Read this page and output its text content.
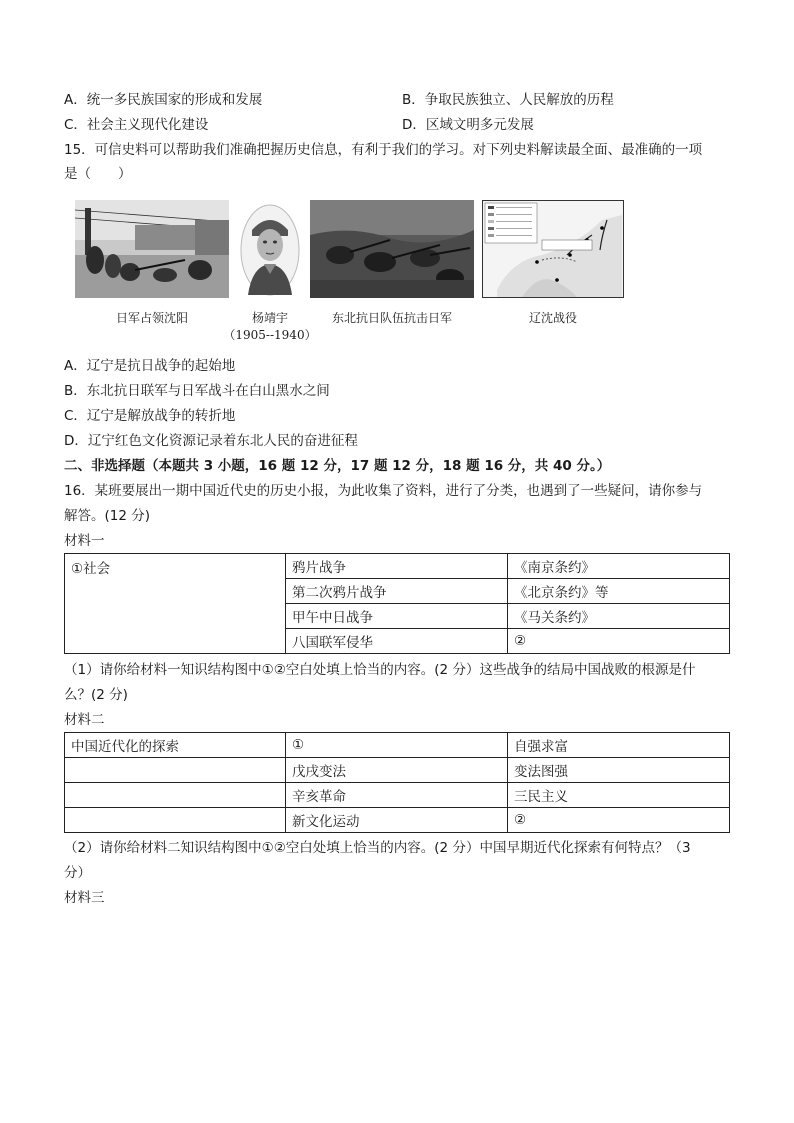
A．统一多民族国家的形成和发展	B．争取民族独立、人民解放的历程
C．社会主义现代化建设	D．区域文明多元发展
15．可信史料可以帮助我们准确把握历史信息，有利于我们的学习。对下列史料解读最全面、最准确的一项
是（　　）
日军占领沈阳	杨靖宇
（1905--1940）
东北抗日队伍抗击日军	辽沈战役
A．辽宁是抗日战争的起始地
B．东北抗日联军与日军战斗在白山黑水之间
C．辽宁是解放战争的转折地
D．辽宁红色文化资源记录着东北人民的奋进征程
二、非选择题（本题共 3 小题，16 题 12 分，17 题 12 分，18 题 16 分，共 40 分。）
16．某班要展出一期中国近代史的历史小报，为此收集了资料，进行了分类，也遇到了一些疑问，请你参与
解答。(12 分)
材料一
①社会	鸦片战争	《南京条约》
	第二次鸦片战争	《北京条约》等
	甲午中日战争	《马关条约》
	八国联军侵华	②
（1）请你给材料一知识结构图中①②空白处填上恰当的内容。(2 分）这些战争的结局中国战败的根源是什
么？(2 分)
材料二
中国近代化的探索	①	自强求富
	戊戌变法	变法图强
	辛亥革命	三民主义
	新文化运动	②
（2）请你给材料二知识结构图中①②空白处填上恰当的内容。(2 分）中国早期近代化探索有何特点？（3
分）
材料三
